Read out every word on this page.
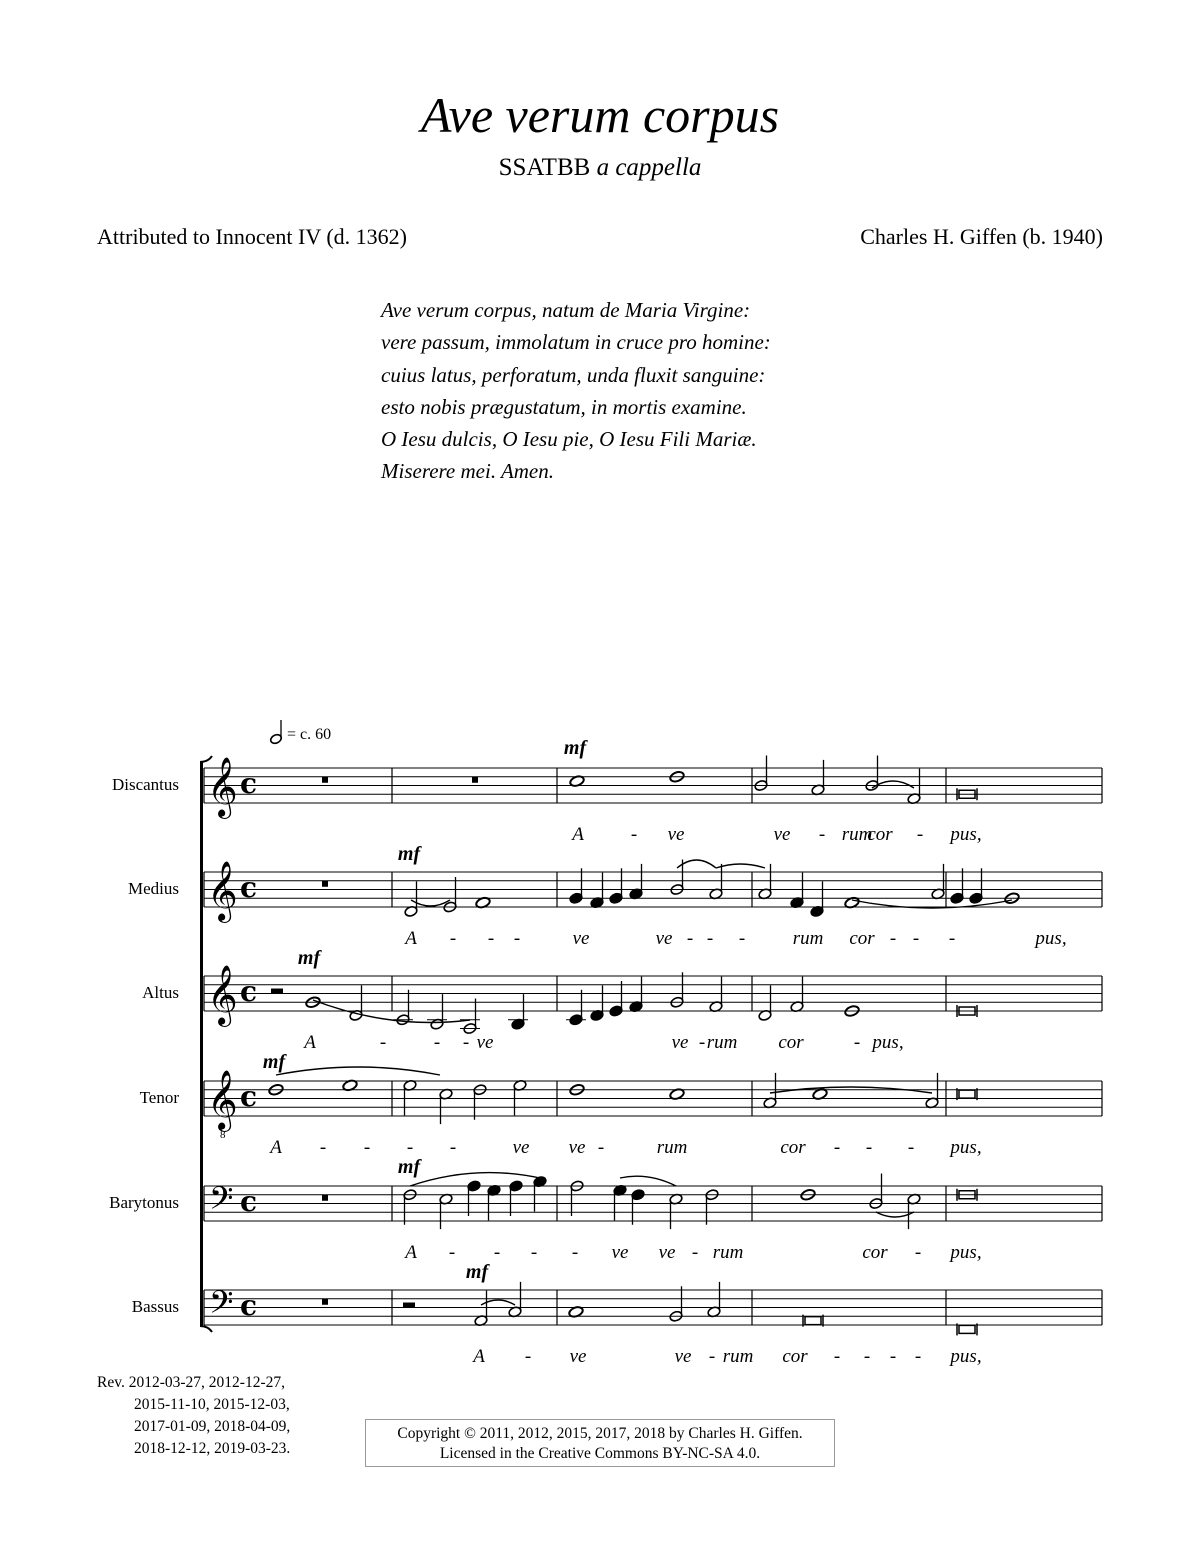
Ave verum corpus
SSATBB a cappella
Attributed to Innocent IV (d. 1362)	Charles H. Giffen (b. 1940)
Ave verum corpus, natum de Maria Virgine:
vere passum, immolatum in cruce pro homine:
cuius latus, perforatum, unda fluxit sanguine:
esto nobis prægustatum, in mortis examine.
O Iesu dulcis, O Iesu pie, O Iesu Fili Mariæ.
Miserere mei. Amen.
= c. 60
Discantus 𝄞 c
A - ve	ve - rum
cor - pus,
Medius 𝄞 c
A - - -	ve	ve - - -	rum cor - - -	pus,
Altus 𝄞 c
A	-	- - ve	ve - rum cor	- pus,
Tenor 𝄞
8
c
A - - - -	ve ve -	rum	cor - - - pus,
Barytonus 𝄢 c
A - - - - ve ve - rum	cor - pus,
Bassus 𝄢 c
A - ve	ve - rum cor - - - - pus,
mf
mf
mf
mf
mf
mf
Rev. 2012-03-27, 2012-12-27,
2015-11-10, 2015-12-03,
2017-01-09, 2018-04-09,
2018-12-12, 2019-03-23.
Copyright © 2011, 2012, 2015, 2017, 2018 by Charles H. Giffen.
Licensed in the Creative Commons BY-NC-SA 4.0.
